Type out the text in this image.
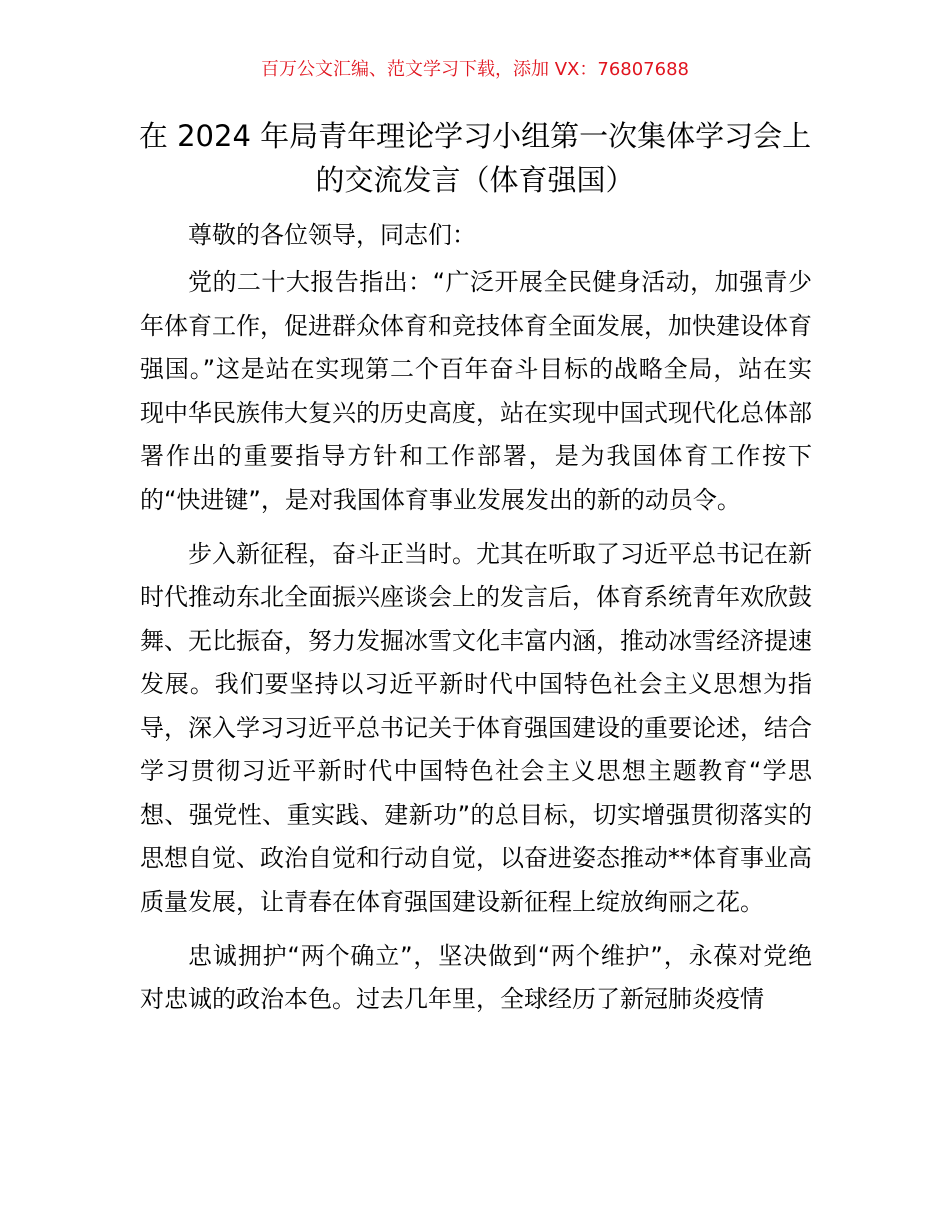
百万公文汇编、范文学习下载，添加 VX：76807688
在 2024 年局青年理论学习小组第一次集体学习会上的交流发言（体育强国）

尊敬的各位领导，同志们：

党的二十大报告指出：“广泛开展全民健身活动，加强青少年体育工作，促进群众体育和竞技体育全面发展，加快建设体育强国。”这是站在实现第二个百年奋斗目标的战略全局，站在实现中华民族伟大复兴的历史高度，站在实现中国式现代化总体部署作出的重要指导方针和工作部署，是为我国体育工作按下的“快进键”，是对我国体育事业发展发出的新的动员令。

步入新征程，奋斗正当时。尤其在听取了习近平总书记在新时代推动东北全面振兴座谈会上的发言后，体育系统青年欢欣鼓舞、无比振奋，努力发掘冰雪文化丰富内涵，推动冰雪经济提速发展。我们要坚持以习近平新时代中国特色社会主义思想为指导，深入学习习近平总书记关于体育强国建设的重要论述，结合学习贯彻习近平新时代中国特色社会主义思想主题教育“学思想、强党性、重实践、建新功”的总目标，切实增强贯彻落实的思想自觉、政治自觉和行动自觉，以奋进姿态推动**体育事业高质量发展，让青春在体育强国建设新征程上绽放绚丽之花。

忠诚拥护“两个确立”，坚决做到“两个维护”，永葆对党绝对忠诚的政治本色。过去几年里，全球经历了新冠肺炎疫情
